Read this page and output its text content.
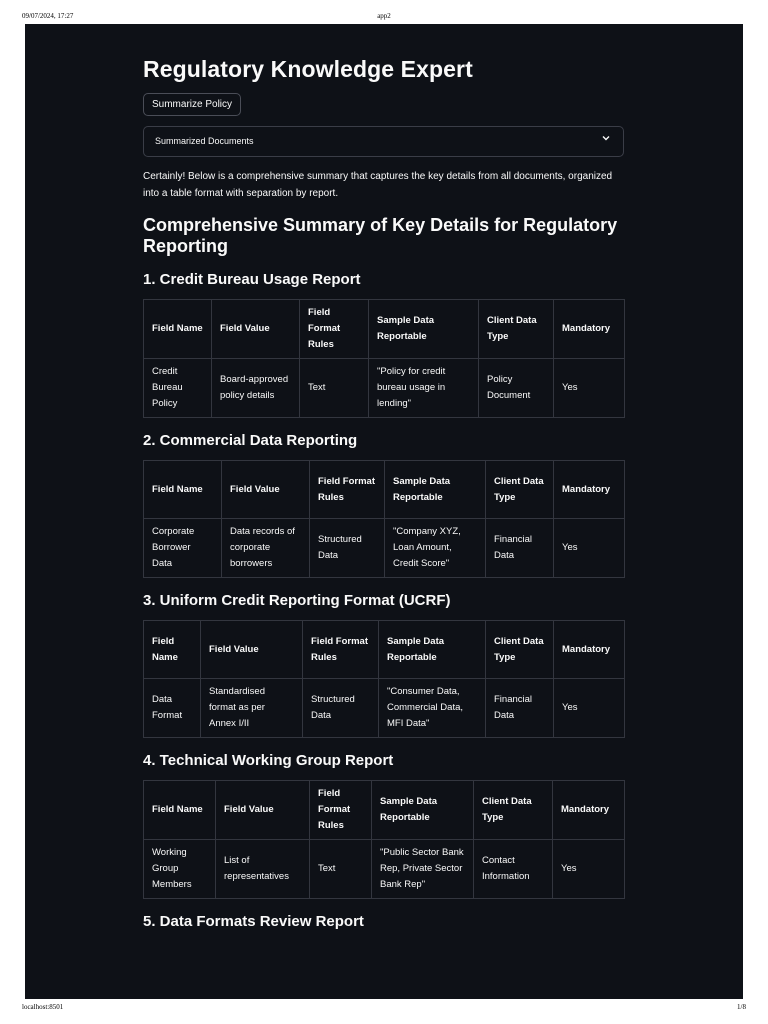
09/07/2024, 17:27	app2
Regulatory Knowledge Expert
Summarize Policy
Summarized Documents
Certainly! Below is a comprehensive summary that captures the key details from all documents, organized into a table format with separation by report.
Comprehensive Summary of Key Details for Regulatory Reporting
1. Credit Bureau Usage Report
Field Name	Field Value	Field Format Rules	Sample Data Reportable	Client Data Type	Mandatory
Credit Bureau Policy	Board-approved policy details	Text	"Policy for credit bureau usage in lending"	Policy Document	Yes
2. Commercial Data Reporting
Field Name	Field Value	Field Format Rules	Sample Data Reportable	Client Data Type	Mandatory
Corporate Borrower Data	Data records of corporate borrowers	Structured Data	"Company XYZ, Loan Amount, Credit Score"	Financial Data	Yes
3. Uniform Credit Reporting Format (UCRF)
Field Name	Field Value	Field Format Rules	Sample Data Reportable	Client Data Type	Mandatory
Data Format	Standardised format as per Annex I/II	Structured Data	"Consumer Data, Commercial Data, MFI Data"	Financial Data	Yes
4. Technical Working Group Report
Field Name	Field Value	Field Format Rules	Sample Data Reportable	Client Data Type	Mandatory
Working Group Members	List of representatives	Text	"Public Sector Bank Rep, Private Sector Bank Rep"	Contact Information	Yes
5. Data Formats Review Report
localhost:8501	1/8
